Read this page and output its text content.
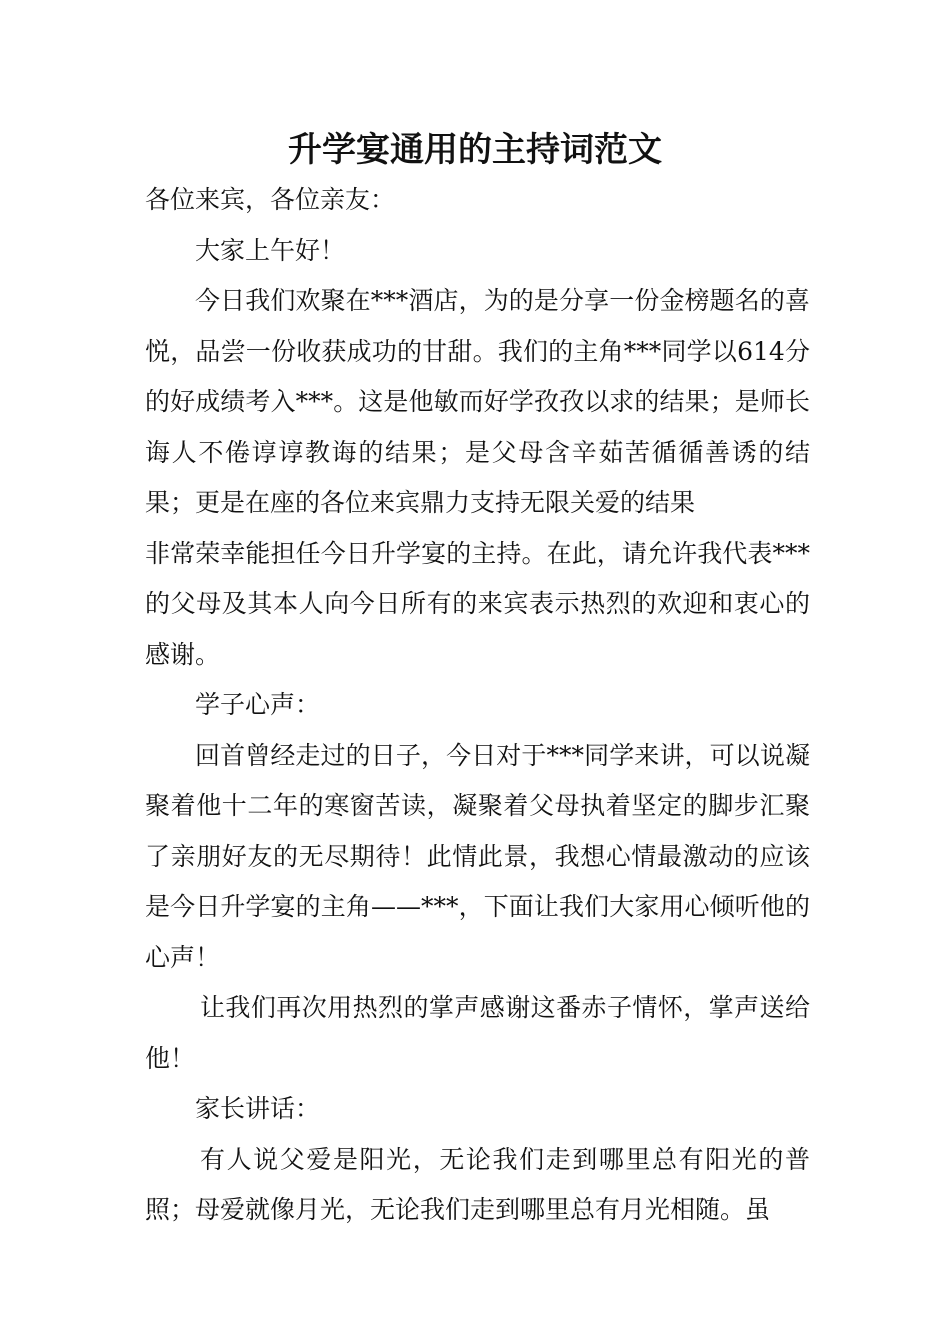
升学宴通用的主持词范文

各位来宾，各位亲友：

大家上午好！

今日我们欢聚在***酒店，为的是分享一份金榜题名的喜悦，品尝一份收获成功的甘甜。我们的主角***同学以614分的好成绩考入***。这是他敏而好学孜孜以求的结果；是师长诲人不倦谆谆教诲的结果；是父母含辛茹苦循循善诱的结果；更是在座的各位来宾鼎力支持无限关爱的结果

非常荣幸能担任今日升学宴的主持。在此，请允许我代表***的父母及其本人向今日所有的来宾表示热烈的欢迎和衷心的感谢。

学子心声：

回首曾经走过的日子，今日对于***同学来讲，可以说凝聚着他十二年的寒窗苦读，凝聚着父母执着坚定的脚步汇聚了亲朋好友的无尽期待！此情此景，我想心情最激动的应该是今日升学宴的主角——***，下面让我们大家用心倾听他的心声！

让我们再次用热烈的掌声感谢这番赤子情怀，掌声送给他！

家长讲话：

有人说父爱是阳光，无论我们走到哪里总有阳光的普照；母爱就像月光，无论我们走到哪里总有月光相随。虽
